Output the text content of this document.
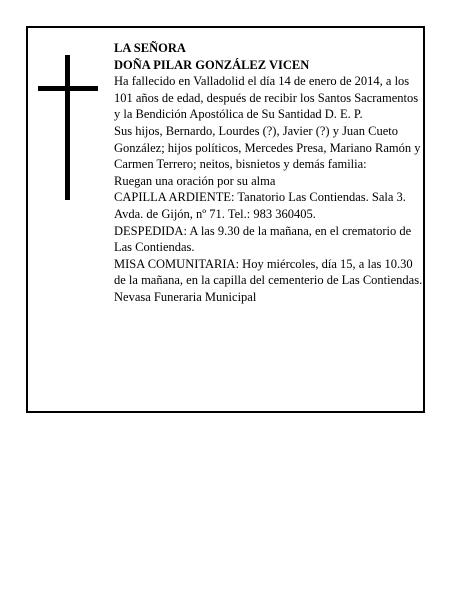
LA SEÑORA

DOÑA PILAR GONZÁLEZ VICEN

Ha fallecido en Valladolid el día 14 de enero de 2014, a los 101 años de edad, después de recibir los Santos Sacramentos y la Bendición Apostólica de Su Santidad D. E. P.

Sus hijos, Bernardo, Lourdes (?), Javier (?) y Juan Cueto González; hijos políticos, Mercedes Presa, Mariano Ramón y Carmen Terrero; neitos, bisnietos y demás familia:

Ruegan una oración por su alma

CAPILLA ARDIENTE: Tanatorio Las Contiendas. Sala 3. Avda. de Gijón, nº 71. Tel.: 983 360405.

DESPEDIDA: A las 9.30 de la mañana, en el crematorio de Las Contiendas.

MISA COMUNITARIA: Hoy miércoles, día 15, a las 10.30 de la mañana, en la capilla del cementerio de Las Contiendas.

Nevasa Funeraria Municipal
